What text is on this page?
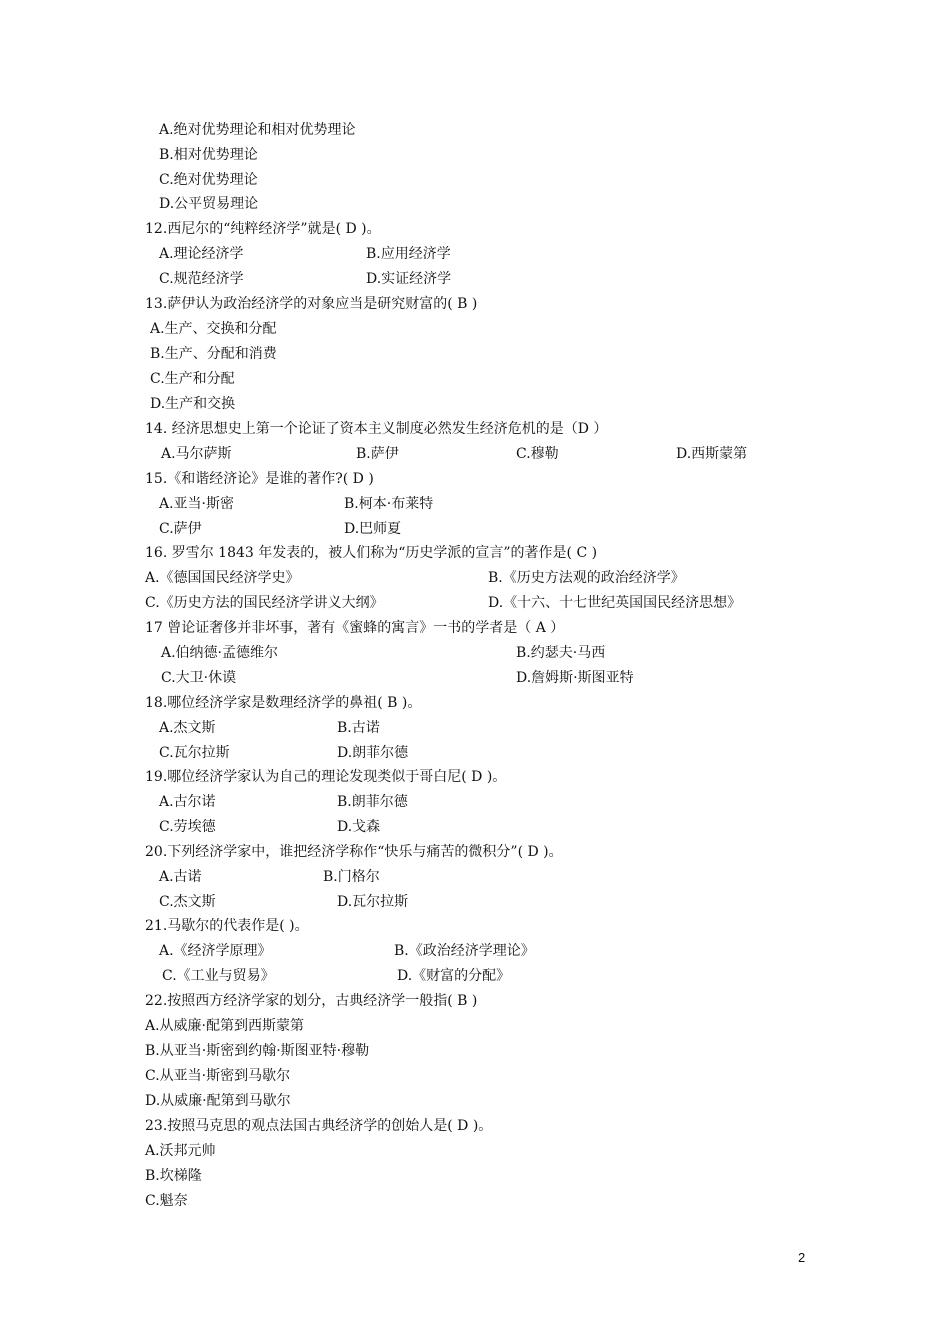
A.绝对优势理论和相对优势理论
B.相对优势理论
C.绝对优势理论
D.公平贸易理论
12.西尼尔的“纯粹经济学”就是( D )。
A.理论经济学	B.应用经济学
C.规范经济学	D.实证经济学
13.萨伊认为政治经济学的对象应当是研究财富的( B )
A.生产、交换和分配
B.生产、分配和消费
C.生产和分配
D.生产和交换
14. 经济思想史上第一个论证了资本主义制度必然发生经济危机的是（D ）
A.马尔萨斯	B.萨伊	C.穆勒	D.西斯蒙第
15.《和谐经济论》是谁的著作?( D )
A.亚当·斯密	B.柯本·布莱特
C.萨伊	D.巴师夏
16. 罗雪尔 1843 年发表的，被人们称为“历史学派的宣言”的著作是( C )
A.《德国国民经济学史》	B.《历史方法观的政治经济学》
C.《历史方法的国民经济学讲义大纲》	D.《十六、十七世纪英国国民经济思想》
17 曾论证奢侈并非坏事，著有《蜜蜂的寓言》一书的学者是（ A ）
A.伯纳德·孟德维尔	B.约瑟夫·马西
C.大卫·休谟	D.詹姆斯·斯图亚特
18.哪位经济学家是数理经济学的鼻祖( B )。
A.杰文斯	B.古诺
C.瓦尔拉斯	D.朗菲尔德
19.哪位经济学家认为自己的理论发现类似于哥白尼( D )。
A.古尔诺	B.朗菲尔德
C.劳埃德	D.戈森
20.下列经济学家中，谁把经济学称作“快乐与痛苦的微积分”( D )。
A.古诺	B.门格尔
C.杰文斯	D.瓦尔拉斯
21.马歇尔的代表作是( )。
A.《经济学原理》	B.《政治经济学理论》
C.《工业与贸易》	D.《财富的分配》
22.按照西方经济学家的划分，古典经济学一般指( B )
A.从威廉·配第到西斯蒙第
B.从亚当·斯密到约翰·斯图亚特·穆勒
C.从亚当·斯密到马歇尔
D.从威廉·配第到马歇尔
23.按照马克思的观点法国古典经济学的创始人是( D )。
A.沃邦元帅
B.坎梯隆
C.魁奈
2
